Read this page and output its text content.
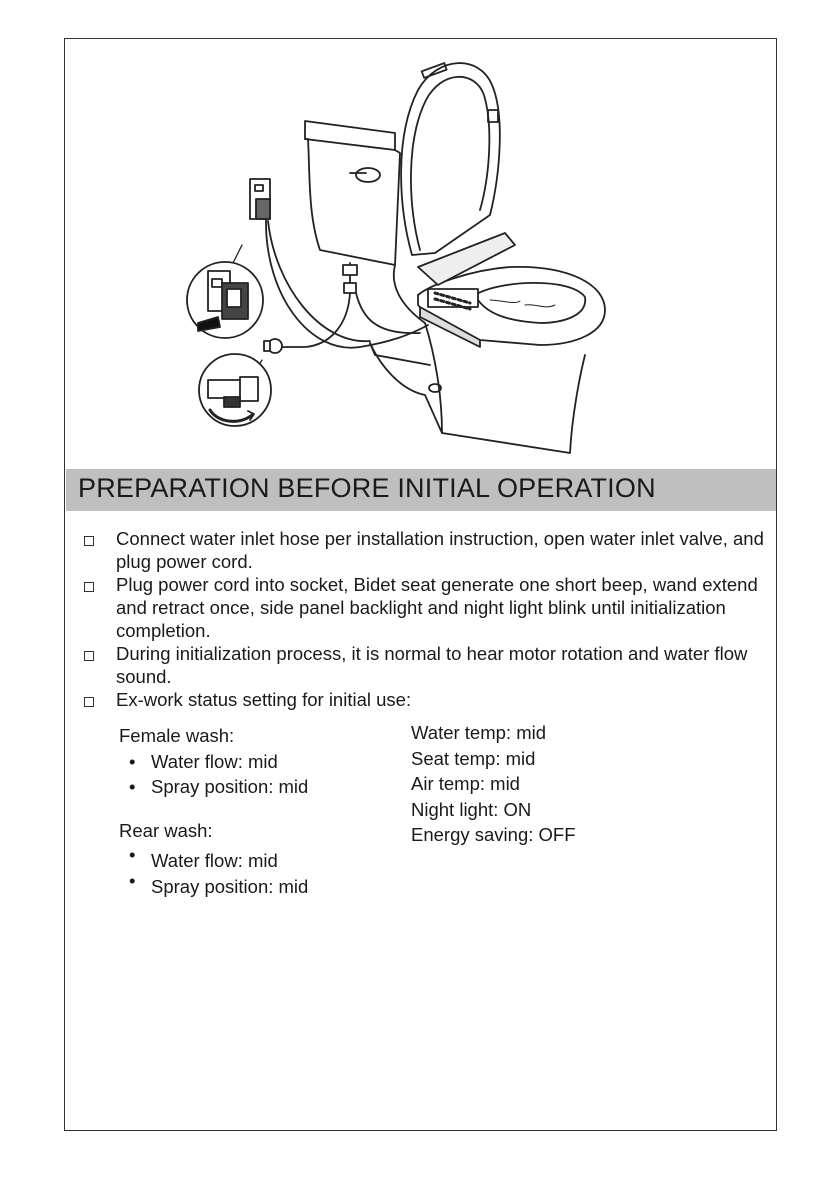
PREPARATION BEFORE INITIAL OPERATION

Connect water inlet hose per installation instruction, open water inlet valve, and plug power cord.

Plug power cord into socket, Bidet seat generate one short beep, wand extend and retract once, side panel backlight and night light blink until initialization completion.

During initialization process, it is normal to hear motor rotation and water flow sound.

Ex-work status setting for initial use:

Female wash:

• Water flow: mid

• Spray position: mid

Rear wash:

• Water flow: mid

• Spray position: mid

Water temp: mid

Seat temp: mid

Air temp: mid

Night light: ON

Energy saving: OFF
